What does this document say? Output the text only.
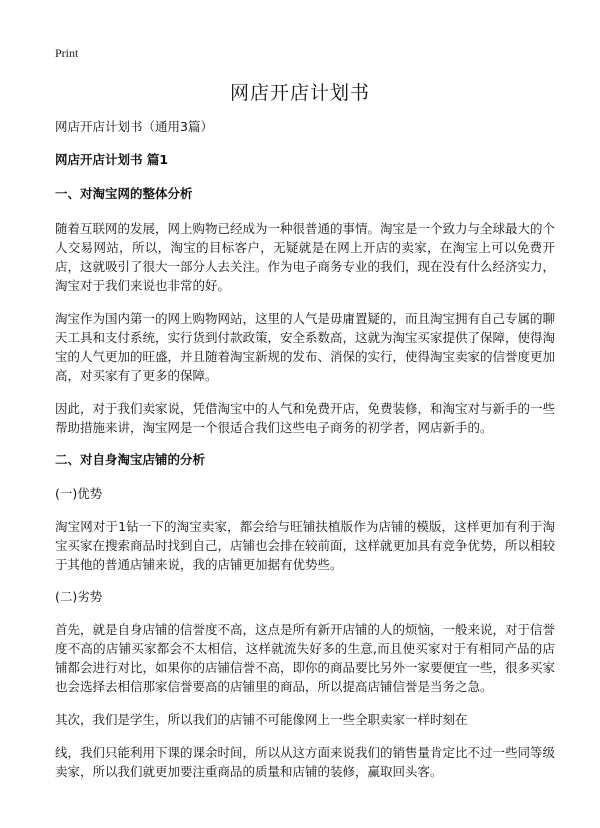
Print
网店开店计划书

网店开店计划书（通用3篇）

网店开店计划书 篇1

一、对淘宝网的整体分析

随着互联网的发展，网上购物已经成为一种很普通的事情。淘宝是一个致力与全球最大的个人交易网站，所以，淘宝的目标客户，无疑就是在网上开店的卖家，在淘宝上可以免费开店，这就吸引了很大一部分人去关注。作为电子商务专业的我们，现在没有什么经济实力，淘宝对于我们来说也非常的好。

淘宝作为国内第一的网上购物网站，这里的人气是毋庸置疑的，而且淘宝拥有自己专属的聊天工具和支付系统，实行货到付款政策，安全系数高，这就为淘宝买家提供了保障，使得淘宝的人气更加的旺盛，并且随着淘宝新规的发布、消保的实行，使得淘宝卖家的信誉度更加高，对买家有了更多的保障。

因此，对于我们卖家说，凭借淘宝中的人气和免费开店，免费装修，和淘宝对与新手的一些帮助措施来讲，淘宝网是一个很适合我们这些电子商务的初学者，网店新手的。

二、对自身淘宝店铺的分析

(一)优势

淘宝网对于1钻一下的淘宝卖家，都会给与旺铺扶植版作为店铺的模版，这样更加有利于淘宝买家在搜索商品时找到自己，店铺也会排在较前面，这样就更加具有竞争优势，所以相较于其他的普通店铺来说，我的店铺更加据有优势些。

(二)劣势

首先，就是自身店铺的信誉度不高，这点是所有新开店铺的人的烦恼，一般来说，对于信誉度不高的店铺买家都会不太相信，这样就流失好多的生意,而且使买家对于有相同产品的店铺都会进行对比，如果你的店铺信誉不高，即你的商品要比另外一家要便宜一些，很多买家也会选择去相信那家信誉要高的店铺里的商品，所以提高店铺信誉是当务之急。

其次，我们是学生，所以我们的店铺不可能像网上一些全职卖家一样时刻在

线，我们只能利用下课的课余时间，所以从这方面来说我们的销售量肯定比不过一些同等级卖家，所以我们就更加要注重商品的质量和店铺的装修，赢取回头客。
